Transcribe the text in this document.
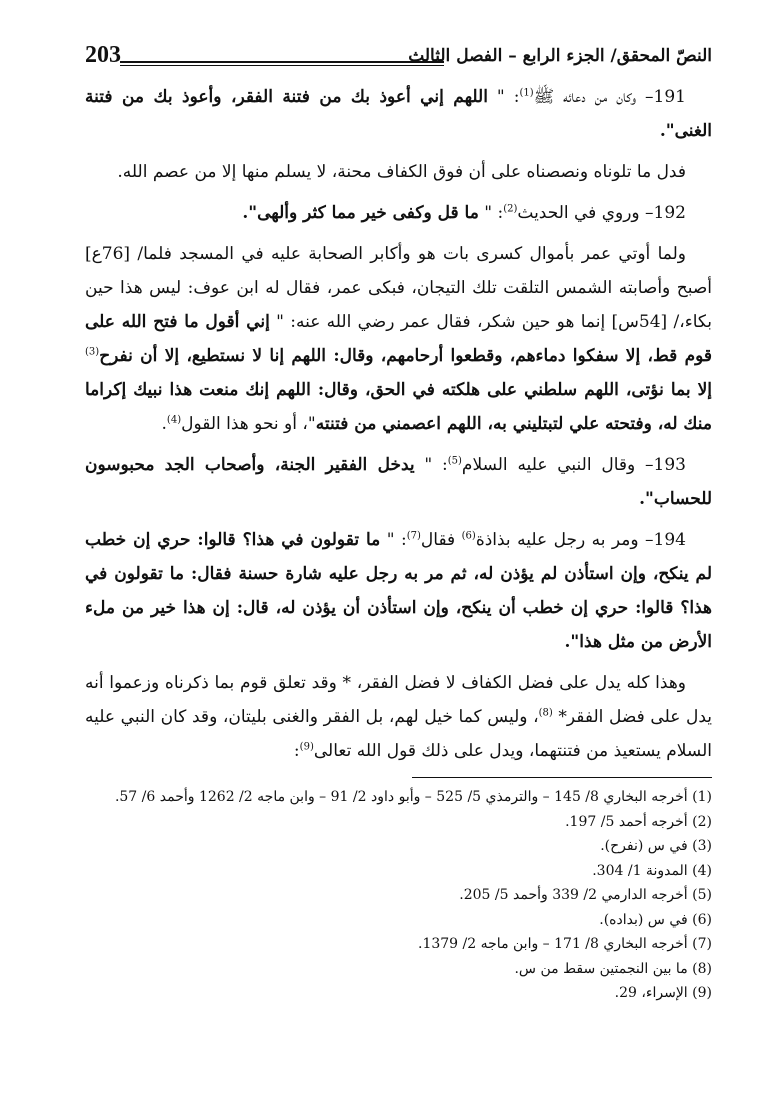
النصّ المحقق/ الجزء الرابع – الفصل الثالث
203

191– وكان من دعائه ﷺ$^{(1)}$: " اللهم إني أعوذ بك من فتنة الفقر، وأعوذ بك من فتنة الغنى".

فدل ما تلوناه ونصصناه على أن فوق الكفاف محنة، لا يسلم منها إلا من عصم الله.

192– وروي في الحديث$^{(2)}$: " ما قل وكفى خير مما كثر وألهى".

ولما أوتي عمر بأموال كسرى بات هو وأكابر الصحابة عليه في المسجد فلما/ [76ع] أصبح وأصابته الشمس التلقت تلك التيجان، فبكى عمر، فقال له ابن عوف: ليس هذا حين بكاء،/ [54س] إنما هو حين شكر، فقال عمر رضي الله عنه: " إني أقول ما فتح الله على قوم قط، إلا سفكوا دماءهم، وقطعوا أرحامهم، وقال: اللهم إنا لا نستطيع، إلا أن نفرح$^{(3)}$ إلا بما نؤتى، اللهم سلطني على هلكته في الحق، وقال: اللهم إنك منعت هذا نبيك إكراما منك له، وفتحته علي لتبتليني به، اللهم اعصمني من فتنته"، أو نحو هذا القول$^{(4)}$.

193– وقال النبي عليه السلام$^{(5)}$: " يدخل الفقير الجنة، وأصحاب الجد محبوسون للحساب".

194– ومر به رجل عليه بذاذة$^{(6)}$ فقال$^{(7)}$: " ما تقولون في هذا؟ قالوا: حري إن خطب لم ينكح، وإن استأذن لم يؤذن له، ثم مر به رجل عليه شارة حسنة فقال: ما تقولون في هذا؟ قالوا: حري إن خطب أن ينكح، وإن استأذن أن يؤذن له، قال: إن هذا خير من ملء الأرض من مثل هذا".

وهذا كله يدل على فضل الكفاف لا فضل الفقر، * وقد تعلق قوم بما ذكرناه وزعموا أنه يدل على فضل الفقر* $^{(8)}$، وليس كما خيل لهم، بل الفقر والغنى بليتان، وقد كان النبي عليه السلام يستعيذ من فتنتهما، ويدل على ذلك قول الله تعالى$^{(9)}$:

(1) أخرجه البخاري 8/ 145 – والترمذي 5/ 525 – وأبو داود 2/ 91 – وابن ماجه 2/ 1262 وأحمد 6/ 57.
(2) أخرجه أحمد 5/ 197.
(3) في س (نفرح).
(4) المدونة 1/ 304.
(5) أخرجه الدارمي 2/ 339 وأحمد 5/ 205.
(6) في س (بداده).
(7) أخرجه البخاري 8/ 171 – وابن ماجه 2/ 1379.
(8) ما بين النجمتين سقط من س.
(9) الإسراء، 29.
